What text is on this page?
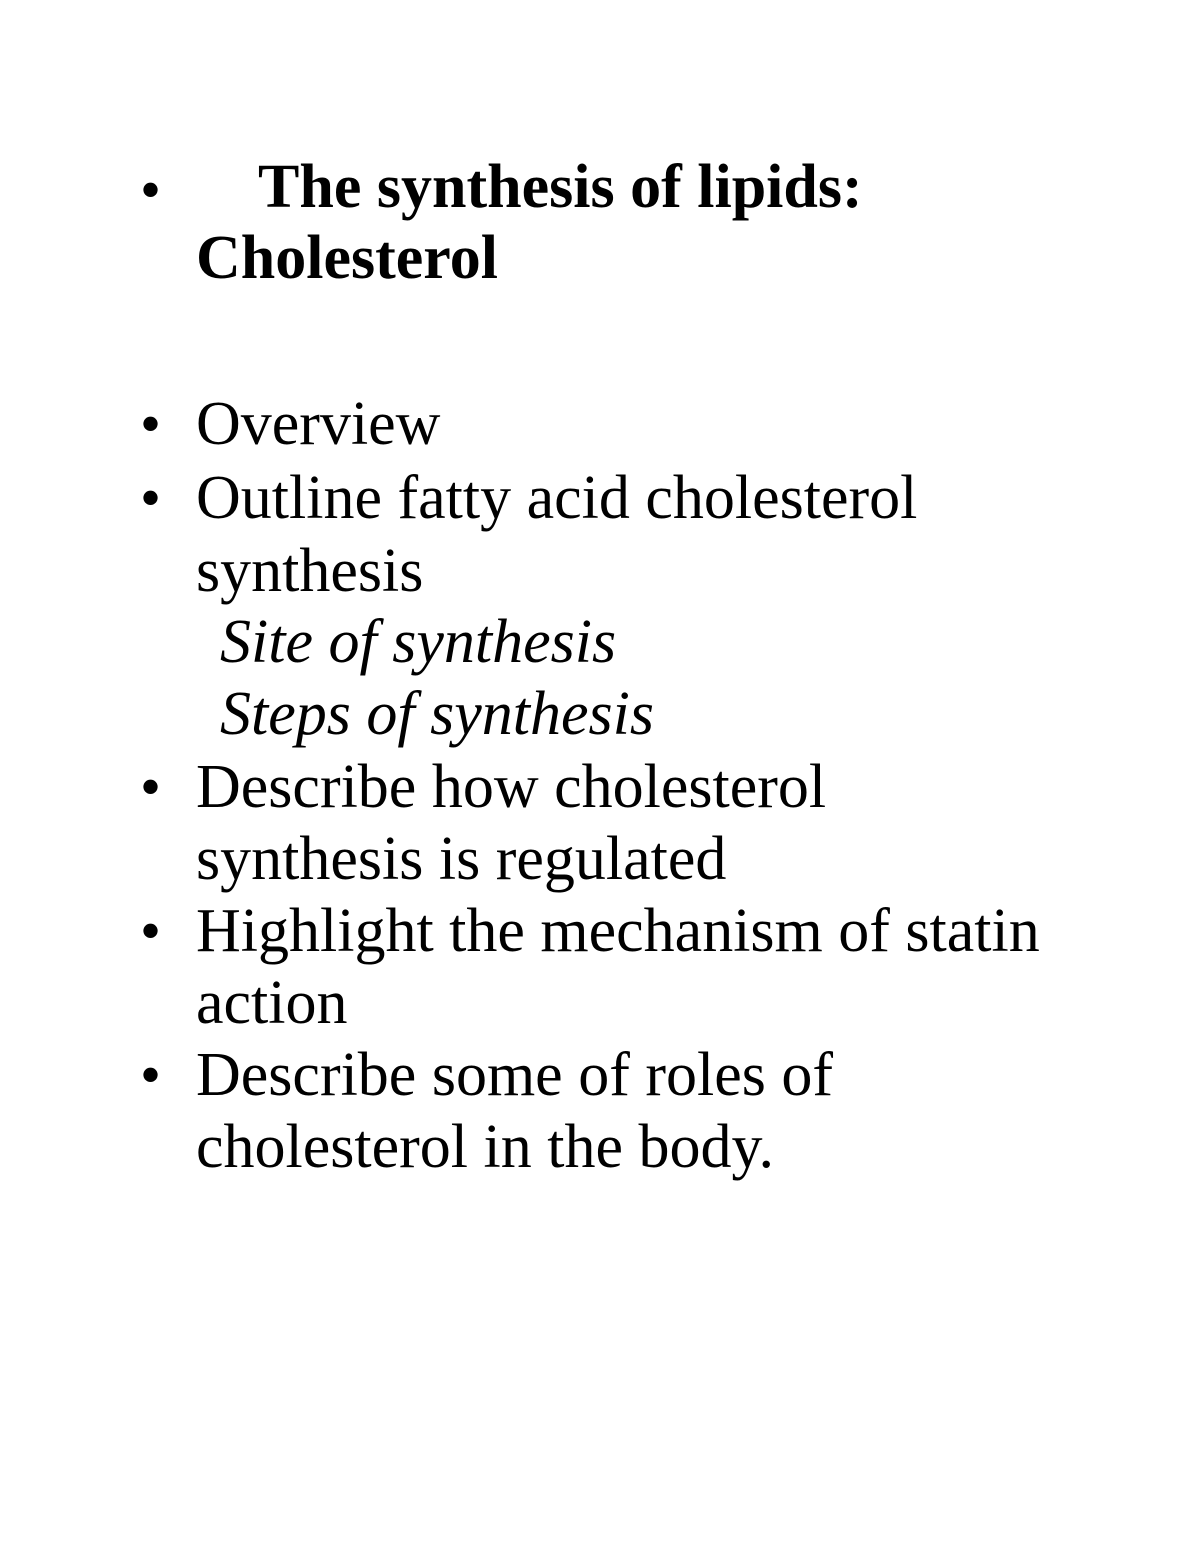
• The synthesis of lipids:
Cholesterol
• Overview
• Outline fatty acid cholesterol
synthesis
Site of synthesis
Steps of synthesis
• Describe how cholesterol
synthesis is regulated
• Highlight the mechanism of statin
action
• Describe some of roles of
cholesterol in the body.
